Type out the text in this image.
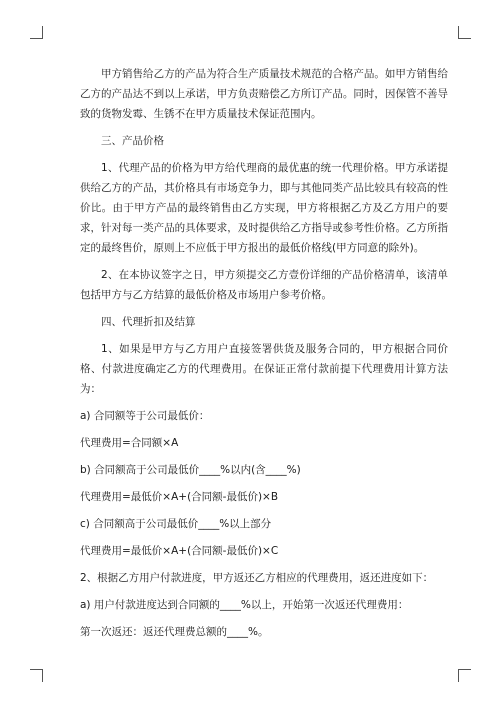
甲方销售给乙方的产品为符合生产质量技术规范的合格产品。如甲方销售给乙方的产品达不到以上承诺，甲方负责赔偿乙方所订产品。同时，因保管不善导致的货物发霉、生锈不在甲方质量技术保证范围内。

三、产品价格

1、代理产品的价格为甲方给代理商的最优惠的统一代理价格。甲方承诺提供给乙方的产品，其价格具有市场竞争力，即与其他同类产品比较具有较高的性价比。由于甲方产品的最终销售由乙方实现，甲方将根据乙方及乙方用户的要求，针对每一类产品的具体要求，及时提供给乙方指导或参考性价格。乙方所指定的最终售价，原则上不应低于甲方报出的最低价格线(甲方同意的除外)。

2、在本协议签字之日，甲方须提交乙方壹份详细的产品价格清单，该清单包括甲方与乙方结算的最低价格及市场用户参考价格。

四、代理折扣及结算

1、如果是甲方与乙方用户直接签署供货及服务合同的，甲方根据合同价格、付款进度确定乙方的代理费用。在保证正常付款前提下代理费用计算方法为：

a) 合同额等于公司最低价：

代理费用=合同额×A

b) 合同额高于公司最低价____%以内(含____%)

代理费用=最低价×A+(合同额-最低价)×B

c) 合同额高于公司最低价____%以上部分

代理费用=最低价×A+(合同额-最低价)×C

2、根据乙方用户付款进度，甲方返还乙方相应的代理费用，返还进度如下：

a) 用户付款进度达到合同额的____%以上，开始第一次返还代理费用：

第一次返还：返还代理费总额的____%。
